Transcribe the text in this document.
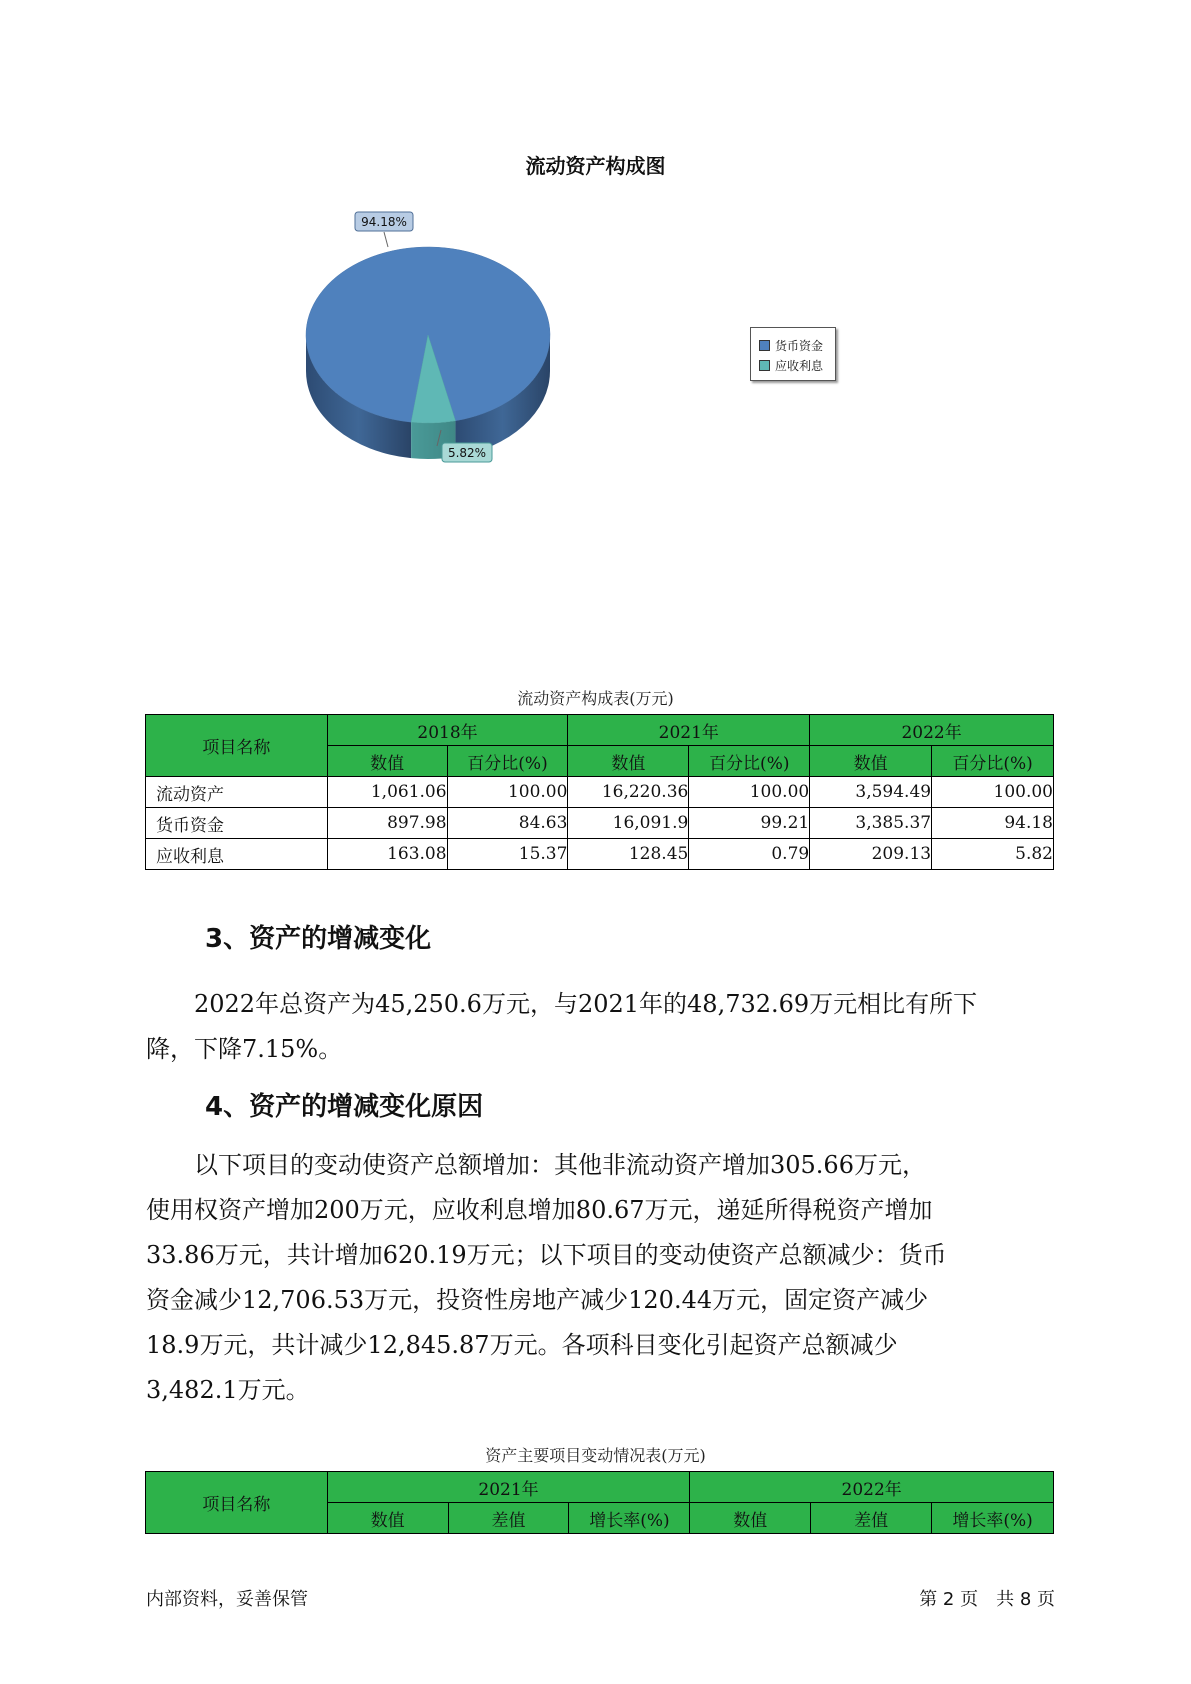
流动资产构成图
94.18%
5.82%
货币资金
应收利息
流动资产构成表(万元)
项目名称	2018年		2021年		2022年	
	数值	百分比(%)	数值	百分比(%)	数值	百分比(%)
流动资产	1,061.06	100.00	16,220.36	100.00	3,594.49	100.00
货币资金	897.98	84.63	16,091.9	99.21	3,385.37	94.18
应收利息	163.08	15.37	128.45	0.79	209.13	5.82
3、资产的增减变化
　　2022年总资产为45,250.6万元，与2021年的48,732.69万元相比有所下
降，下降7.15%。
4、资产的增减变化原因
　　以下项目的变动使资产总额增加：其他非流动资产增加305.66万元，
使用权资产增加200万元，应收利息增加80.67万元，递延所得税资产增加
33.86万元，共计增加620.19万元；以下项目的变动使资产总额减少：货币
资金减少12,706.53万元，投资性房地产减少120.44万元，固定资产减少
18.9万元，共计减少12,845.87万元。各项科目变化引起资产总额减少
3,482.1万元。
资产主要项目变动情况表(万元)
项目名称	2021年			2022年		
	数值	差值	增长率(%)	数值	差值	增长率(%)
内部资料，妥善保管	第 2 页　共 8 页
